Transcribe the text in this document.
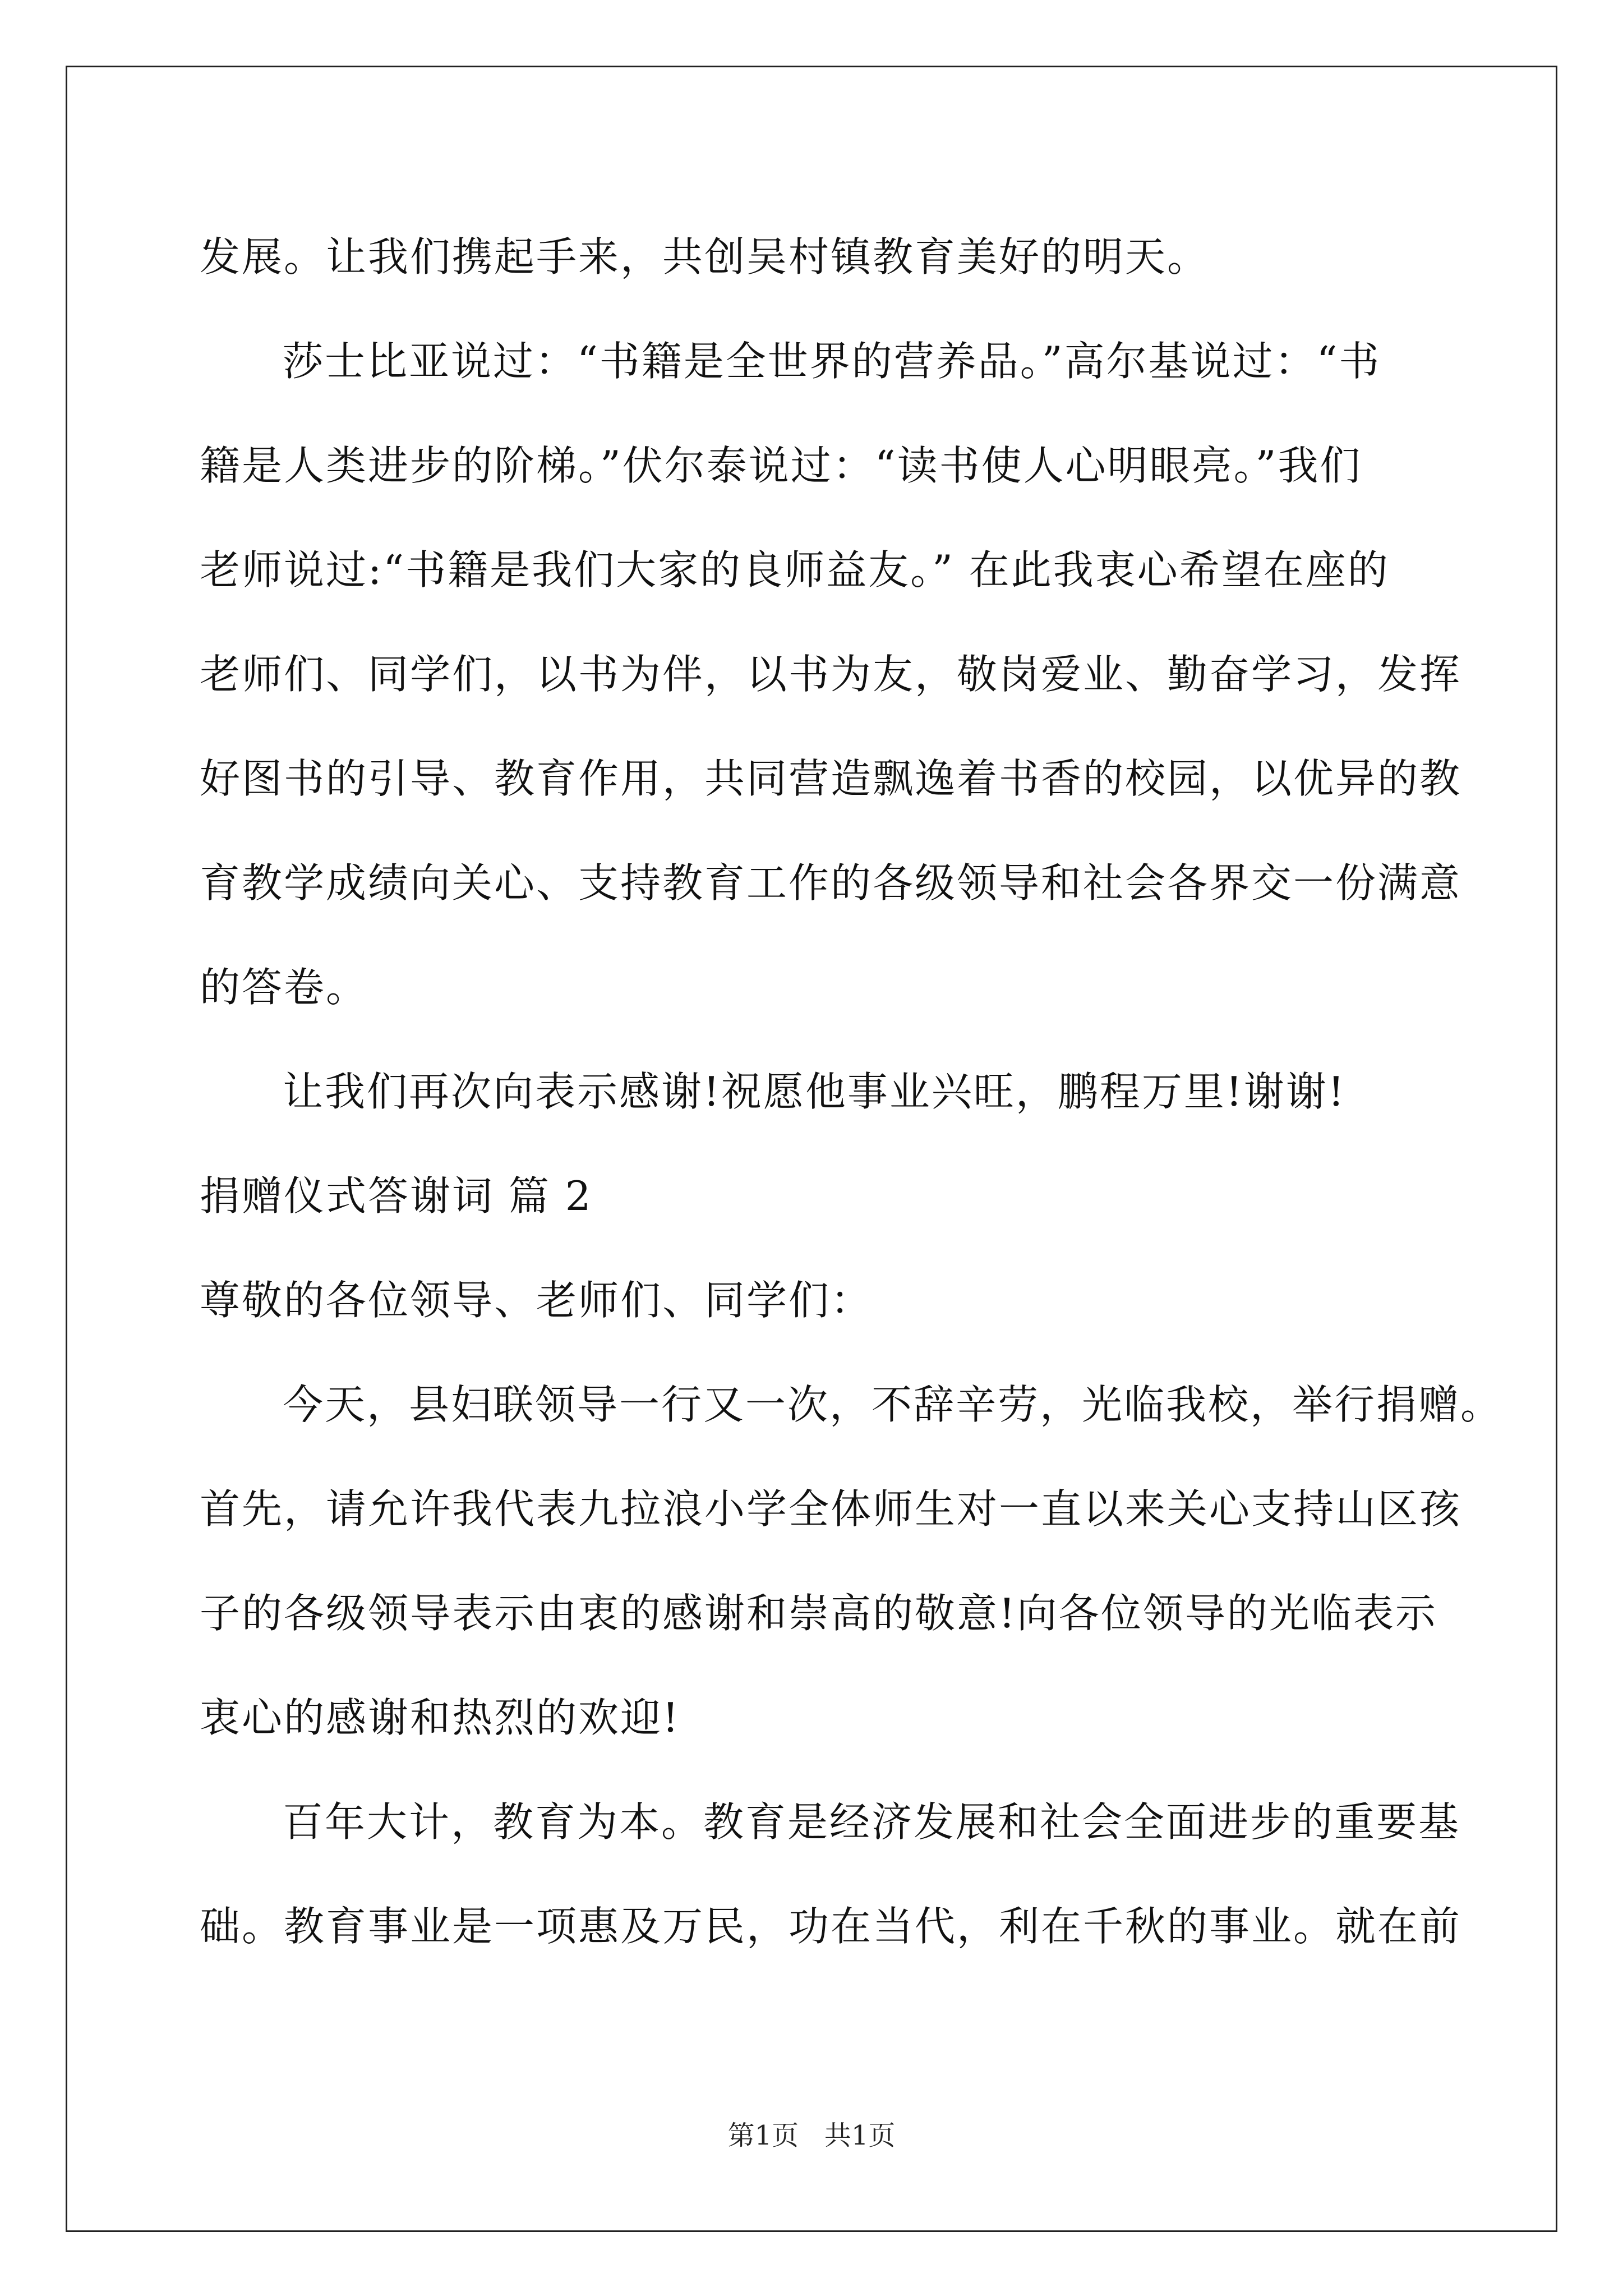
发展。让我们携起手来，共创吴村镇教育美好的明天。
莎士比亚说过：“书籍是全世界的营养品。”高尔基说过：“书
籍是人类进步的阶梯。”伏尔泰说过：“读书使人心明眼亮。”我们
老师说过:“书籍是我们大家的良师益友。” 在此我衷心希望在座的
老师们、同学们，以书为伴，以书为友，敬岗爱业、勤奋学习，发挥
好图书的引导、教育作用，共同营造飘逸着书香的校园，以优异的教
育教学成绩向关心、支持教育工作的各级领导和社会各界交一份满意
的答卷。
让我们再次向表示感谢!祝愿他事业兴旺，鹏程万里!谢谢!
捐赠仪式答谢词 篇 2
尊敬的各位领导、老师们、同学们：
今天，县妇联领导一行又一次，不辞辛劳，光临我校，举行捐赠。
首先，请允许我代表九拉浪小学全体师生对一直以来关心支持山区孩
子的各级领导表示由衷的感谢和崇高的敬意!向各位领导的光临表示
衷心的感谢和热烈的欢迎!
百年大计，教育为本。教育是经济发展和社会全面进步的重要基
础。教育事业是一项惠及万民，功在当代，利在千秋的事业。就在前
第1页   共1页
